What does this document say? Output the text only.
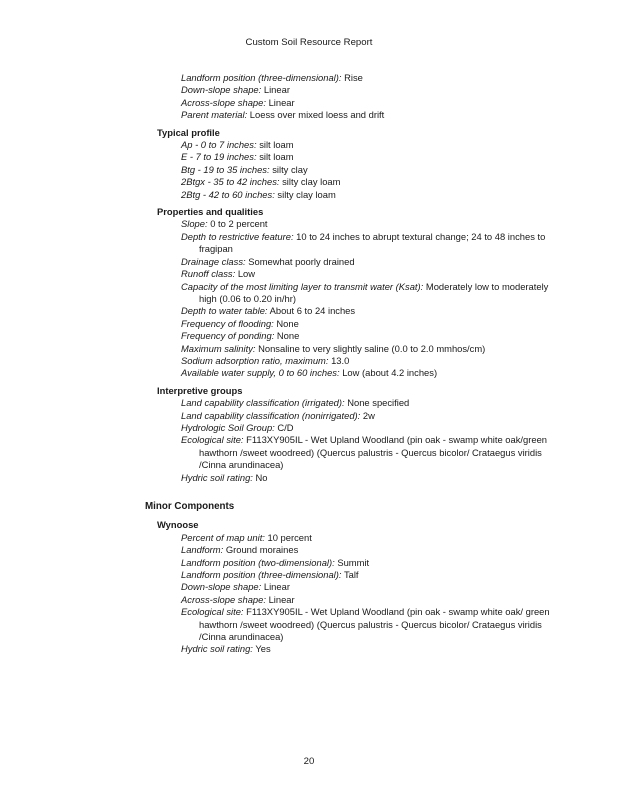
Custom Soil Resource Report
Landform position (three-dimensional): Rise
Down-slope shape: Linear
Across-slope shape: Linear
Parent material: Loess over mixed loess and drift
Typical profile
Ap - 0 to 7 inches: silt loam
E - 7 to 19 inches: silt loam
Btg - 19 to 35 inches: silty clay
2Btgx - 35 to 42 inches: silty clay loam
2Btg - 42 to 60 inches: silty clay loam
Properties and qualities
Slope: 0 to 2 percent
Depth to restrictive feature: 10 to 24 inches to abrupt textural change; 24 to 48 inches to fragipan
Drainage class: Somewhat poorly drained
Runoff class: Low
Capacity of the most limiting layer to transmit water (Ksat): Moderately low to moderately high (0.06 to 0.20 in/hr)
Depth to water table: About 6 to 24 inches
Frequency of flooding: None
Frequency of ponding: None
Maximum salinity: Nonsaline to very slightly saline (0.0 to 2.0 mmhos/cm)
Sodium adsorption ratio, maximum: 13.0
Available water supply, 0 to 60 inches: Low (about 4.2 inches)
Interpretive groups
Land capability classification (irrigated): None specified
Land capability classification (nonirrigated): 2w
Hydrologic Soil Group: C/D
Ecological site: F113XY905IL - Wet Upland Woodland (pin oak - swamp white oak/green hawthorn /sweet woodreed) (Quercus palustris - Quercus bicolor/ Crataegus viridis /Cinna arundinacea)
Hydric soil rating: No
Minor Components
Wynoose
Percent of map unit: 10 percent
Landform: Ground moraines
Landform position (two-dimensional): Summit
Landform position (three-dimensional): Talf
Down-slope shape: Linear
Across-slope shape: Linear
Ecological site: F113XY905IL - Wet Upland Woodland (pin oak - swamp white oak/ green hawthorn /sweet woodreed) (Quercus palustris - Quercus bicolor/ Crataegus viridis /Cinna arundinacea)
Hydric soil rating: Yes
20
